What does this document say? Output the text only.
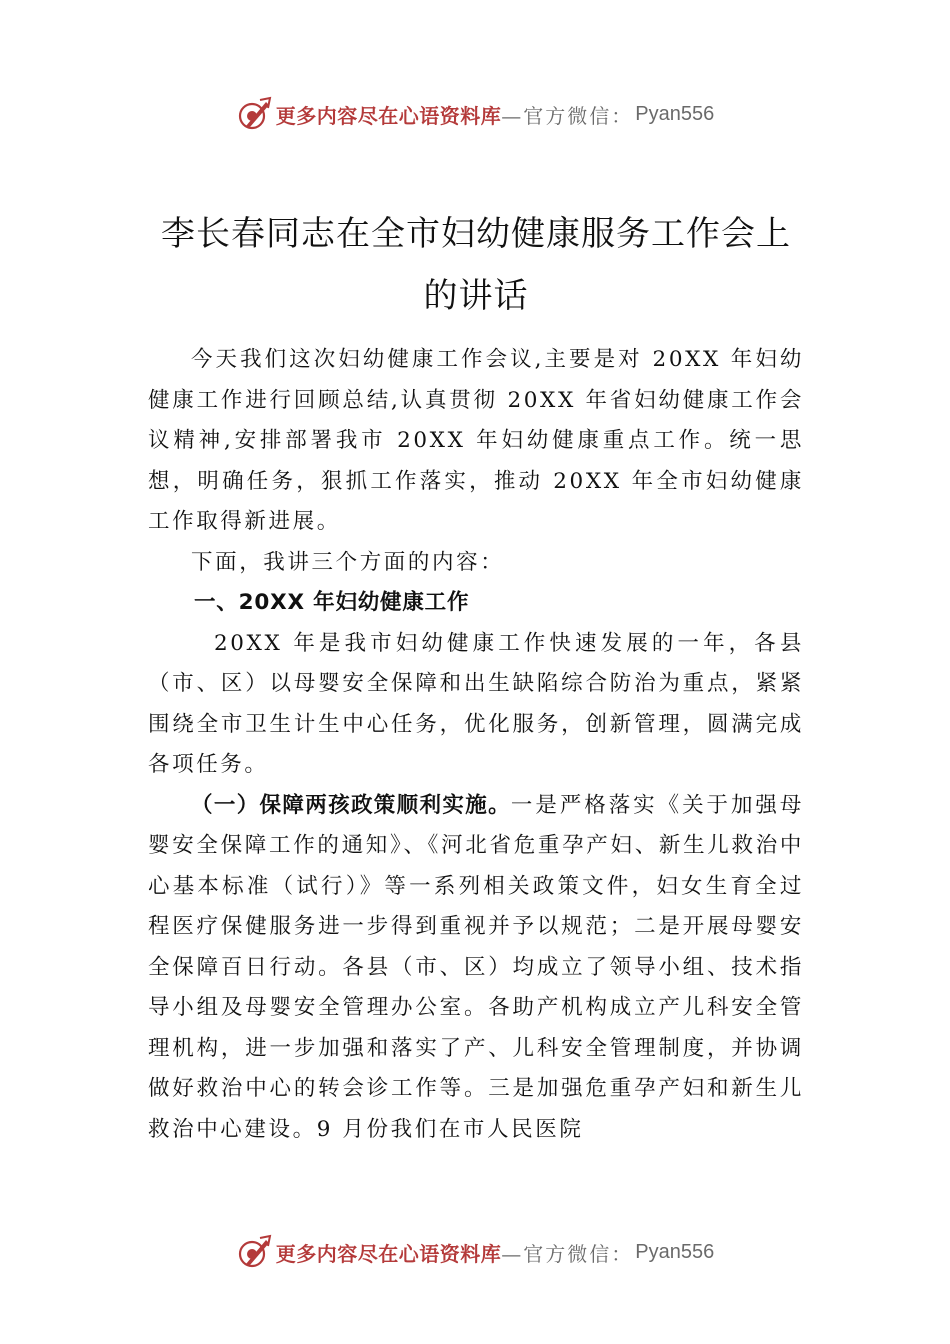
更多内容尽在心语资料库 —官方微信： Pyan556
李长春同志在全市妇幼健康服务工作会上的讲话

今天我们这次妇幼健康工作会议,主要是对 20XX 年妇幼健康工作进行回顾总结,认真贯彻 20XX 年省妇幼健康工作会议精神,安排部署我市 20XX 年妇幼健康重点工作。统一思想，明确任务，狠抓工作落实，推动 20XX 年全市妇幼健康工作取得新进展。

下面，我讲三个方面的内容：

一、20XX 年妇幼健康工作

20XX 年是我市妇幼健康工作快速发展的一年，各县（市、区）以母婴安全保障和出生缺陷综合防治为重点，紧紧围绕全市卫生计生中心任务，优化服务，创新管理，圆满完成各项任务。

（一）保障两孩政策顺利实施。一是严格落实《关于加强母婴安全保障工作的通知》、《河北省危重孕产妇、新生儿救治中心基本标准（试行）》等一系列相关政策文件，妇女生育全过程医疗保健服务进一步得到重视并予以规范；二是开展母婴安全保障百日行动。各县（市、区）均成立了领导小组、技术指导小组及母婴安全管理办公室。各助产机构成立产儿科安全管理机构，进一步加强和落实了产、儿科安全管理制度，并协调做好救治中心的转会诊工作等。三是加强危重孕产妇和新生儿救治中心建设。9 月份我们在市人民医院

更多内容尽在心语资料库 —官方微信： Pyan556
